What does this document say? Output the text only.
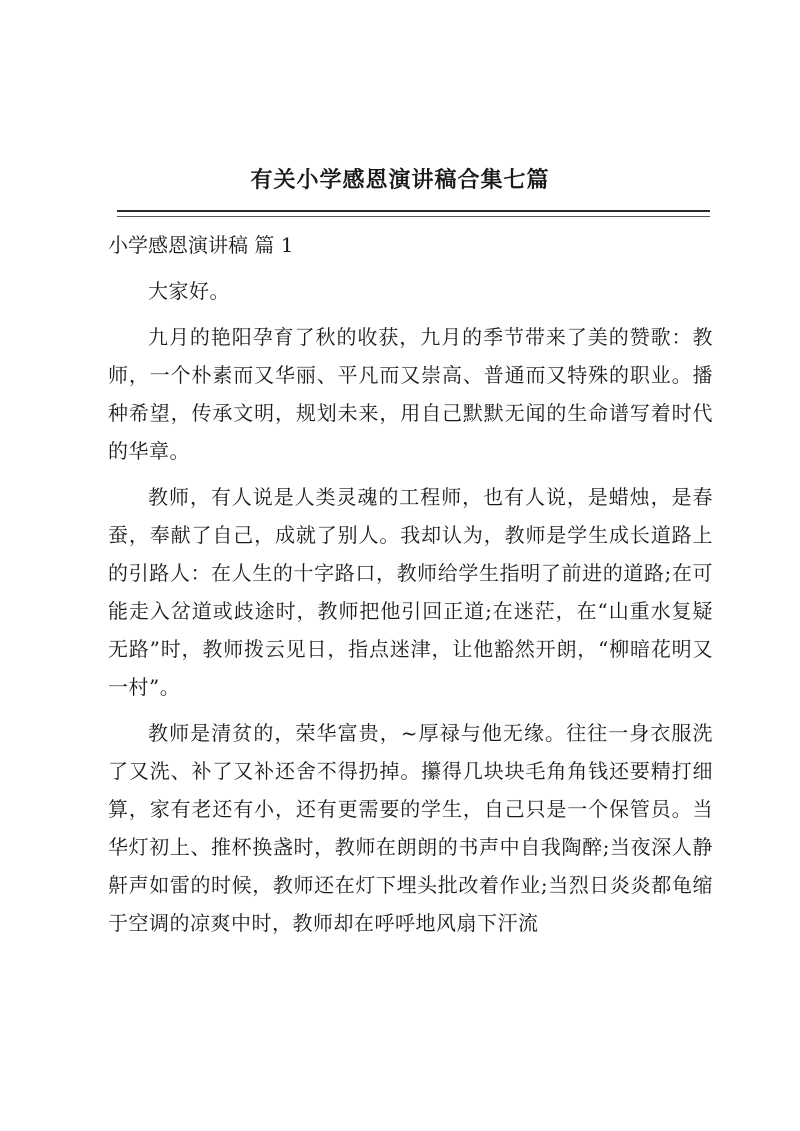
有关小学感恩演讲稿合集七篇
小学感恩演讲稿 篇 1

大家好。

九月的艳阳孕育了秋的收获，九月的季节带来了美的赞歌：教师，一个朴素而又华丽、平凡而又崇高、普通而又特殊的职业。播种希望，传承文明，规划未来，用自己默默无闻的生命谱写着时代的华章。

教师，有人说是人类灵魂的工程师，也有人说，是蜡烛，是春蚕，奉献了自己，成就了别人。我却认为，教师是学生成长道路上的引路人：在人生的十字路口，教师给学生指明了前进的道路;在可能走入岔道或歧途时，教师把他引回正道;在迷茫，在“山重水复疑无路”时，教师拨云见日，指点迷津，让他豁然开朗，“柳暗花明又一村”。

教师是清贫的，荣华富贵，~厚禄与他无缘。往往一身衣服洗了又洗、补了又补还舍不得扔掉。攥得几块块毛角角钱还要精打细算，家有老还有小，还有更需要的学生，自己只是一个保管员。当华灯初上、推杯换盏时，教师在朗朗的书声中自我陶醉;当夜深人静鼾声如雷的时候，教师还在灯下埋头批改着作业;当烈日炎炎都龟缩于空调的凉爽中时，教师却在呼呼地风扇下汗流
